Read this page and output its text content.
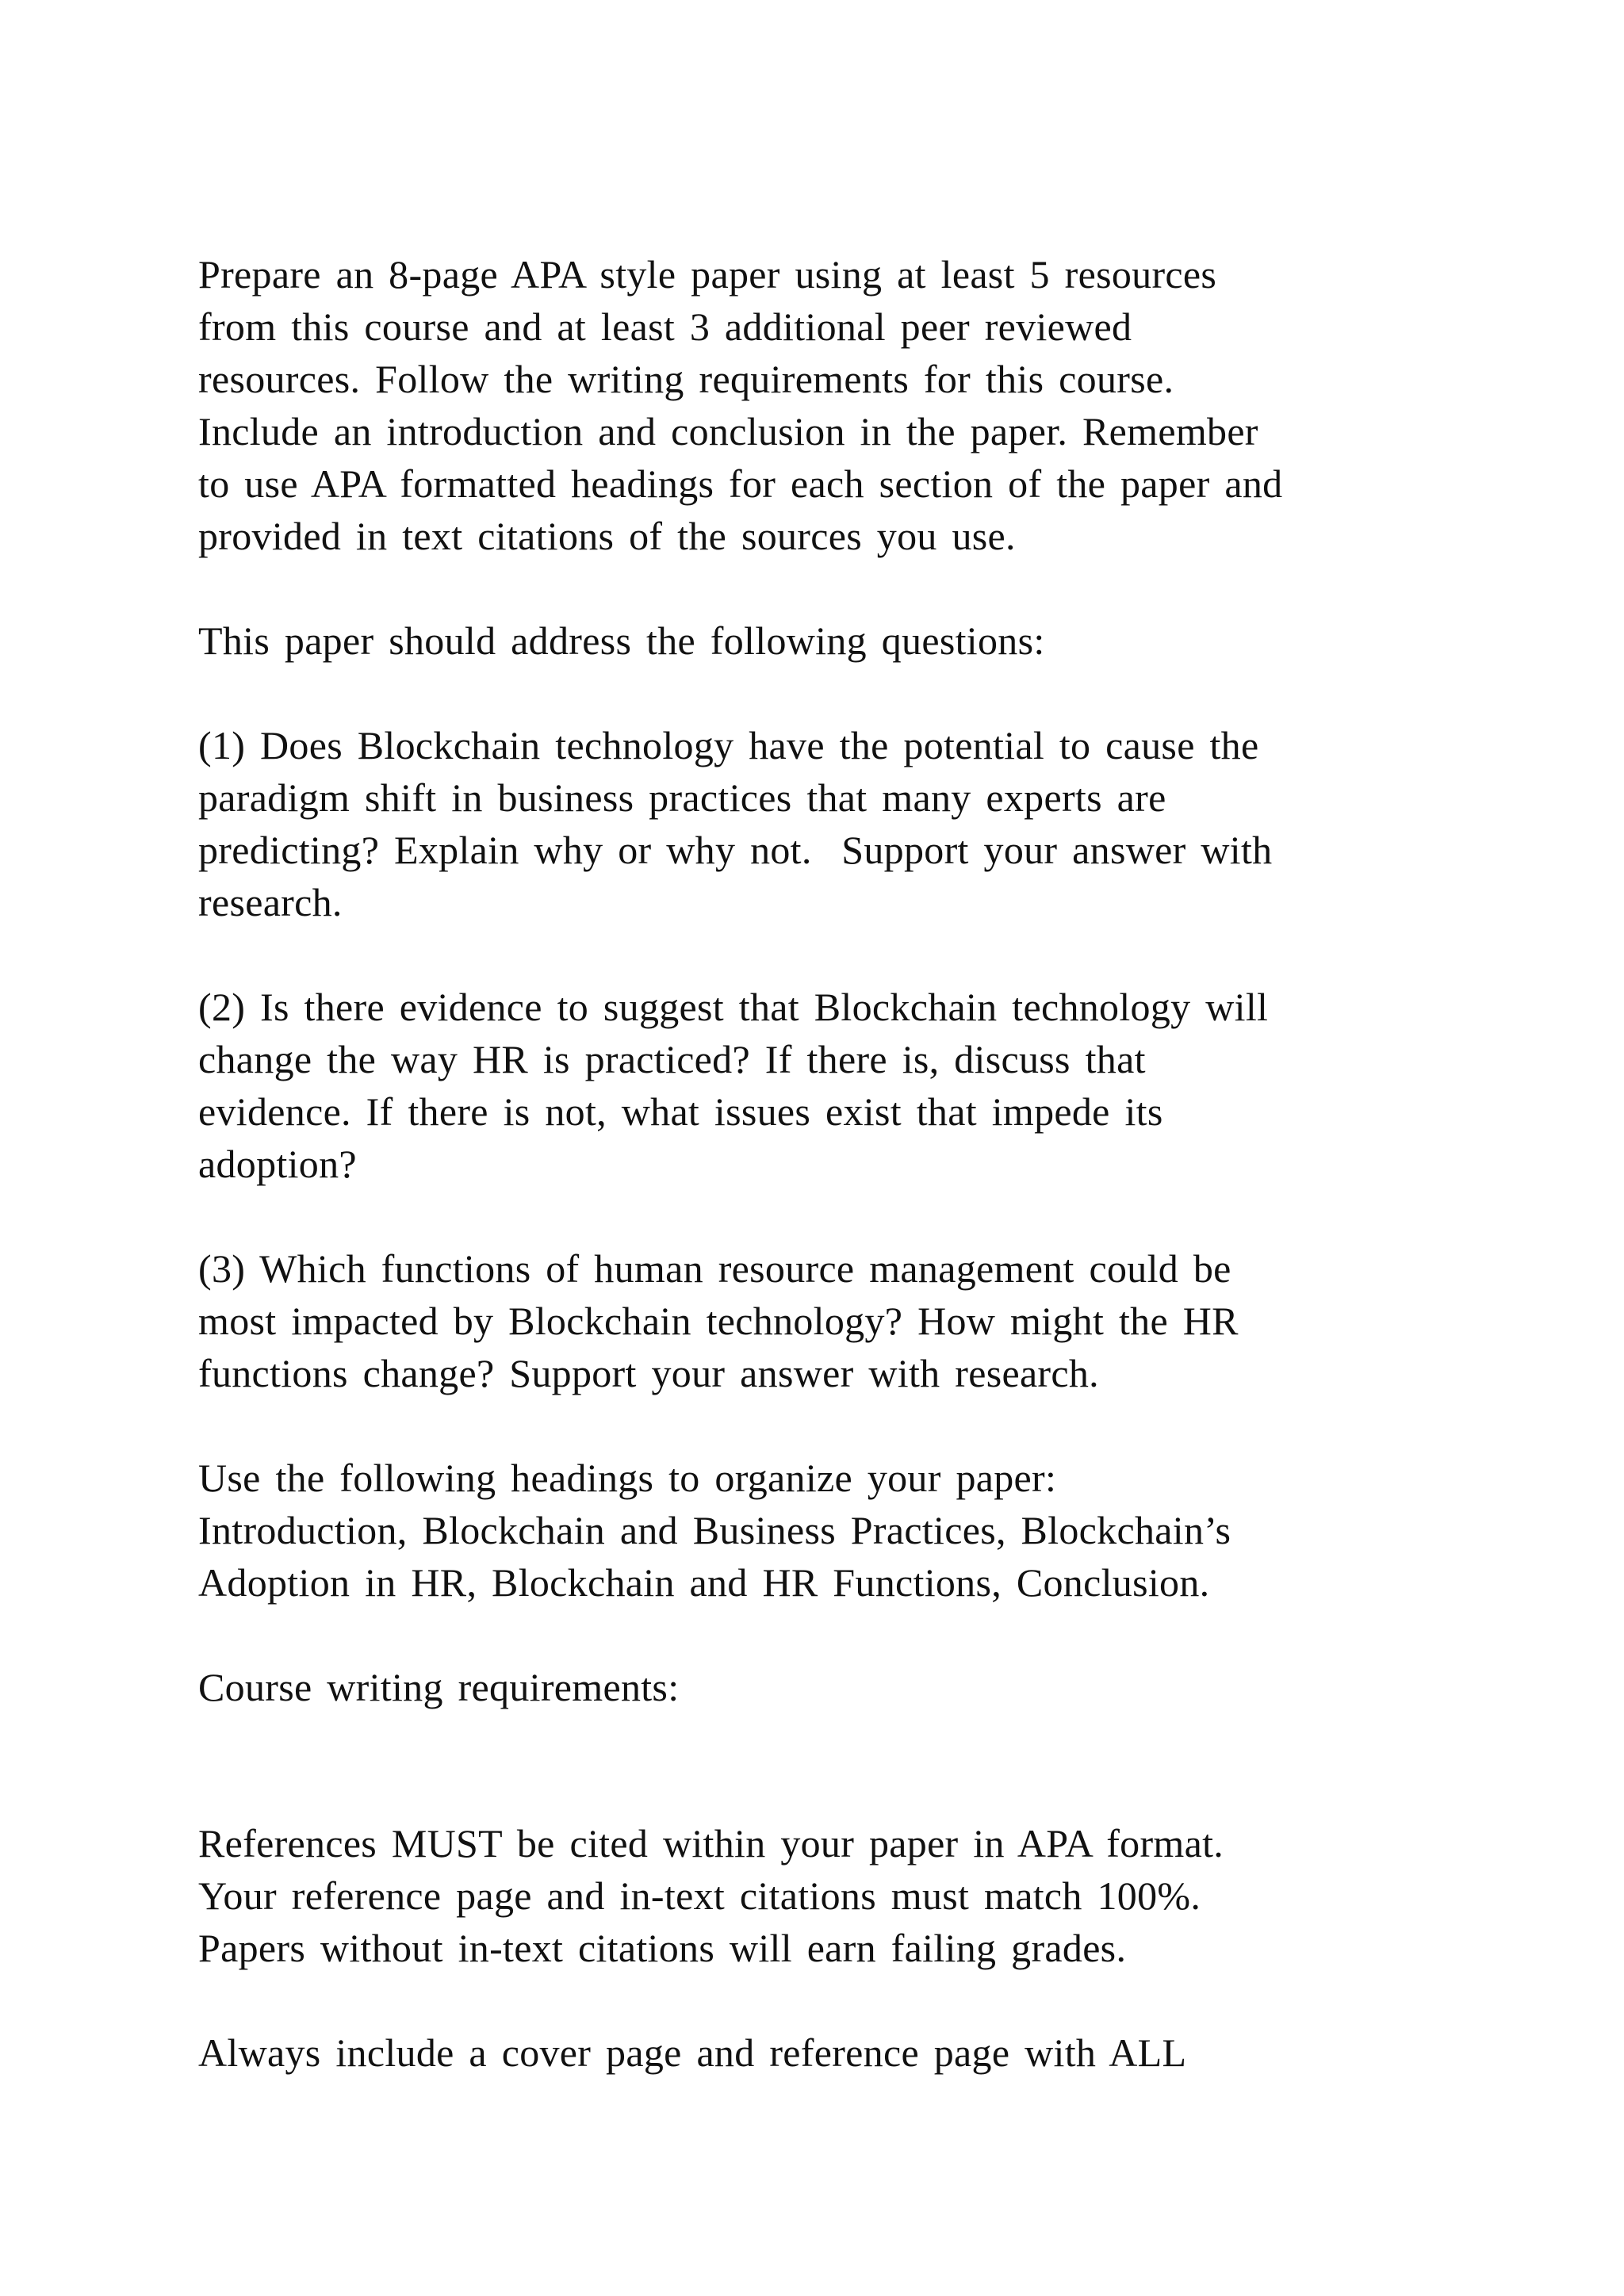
Prepare an 8-page APA style paper using at least 5 resources
from this course and at least 3 additional peer reviewed
resources. Follow the writing requirements for this course.
Include an introduction and conclusion in the paper. Remember
to use APA formatted headings for each section of the paper and
provided in text citations of the sources you use.
This paper should address the following questions:
(1) Does Blockchain technology have the potential to cause the
paradigm shift in business practices that many experts are
predicting? Explain why or why not.  Support your answer with
research.
(2) Is there evidence to suggest that Blockchain technology will
change the way HR is practiced? If there is, discuss that
evidence. If there is not, what issues exist that impede its
adoption?
(3) Which functions of human resource management could be
most impacted by Blockchain technology? How might the HR
functions change? Support your answer with research.
Use the following headings to organize your paper:
Introduction, Blockchain and Business Practices, Blockchain’s
Adoption in HR, Blockchain and HR Functions, Conclusion.
Course writing requirements:
References MUST be cited within your paper in APA format.
Your reference page and in-text citations must match 100%.
Papers without in-text citations will earn failing grades.
Always include a cover page and reference page with ALL
